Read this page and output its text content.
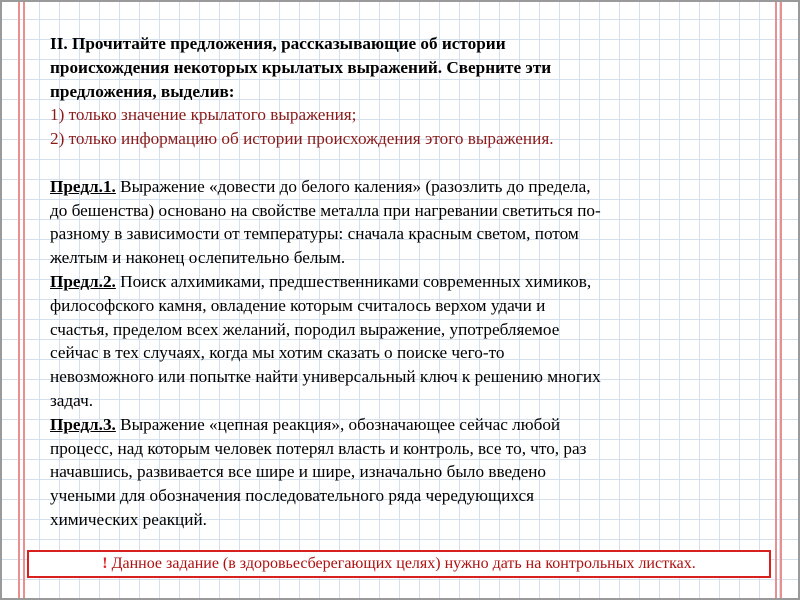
II. Прочитайте предложения, рассказывающие об истории
происхождения некоторых крылатых выражений. Сверните эти
предложения, выделив:
1) только значение крылатого выражения;
2) только информацию об истории происхождения этого выражения.
Предл.1. Выражение «довести до белого каления» (разозлить до предела,
до бешенства) основано на свойстве металла при нагревании светиться по-
разному в зависимости от температуры: сначала красным светом, потом
желтым и наконец ослепительно белым.
Предл.2. Поиск алхимиками, предшественниками современных химиков,
философского камня, овладение которым считалось верхом удачи и
счастья, пределом всех желаний, породил выражение, употребляемое
сейчас в тех случаях, когда мы хотим сказать о поиске чего-то
невозможного или попытке найти универсальный ключ к решению многих
задач.
Предл.3. Выражение «цепная реакция», обозначающее сейчас любой
процесс, над которым человек потерял власть и контроль, все то, что, раз
начавшись, развивается все шире и шире, изначально было введено
учеными для обозначения последовательного ряда чередующихся
химических реакций.
! Данное задание (в здоровьесберегающих целях) нужно дать на контрольных листках.
